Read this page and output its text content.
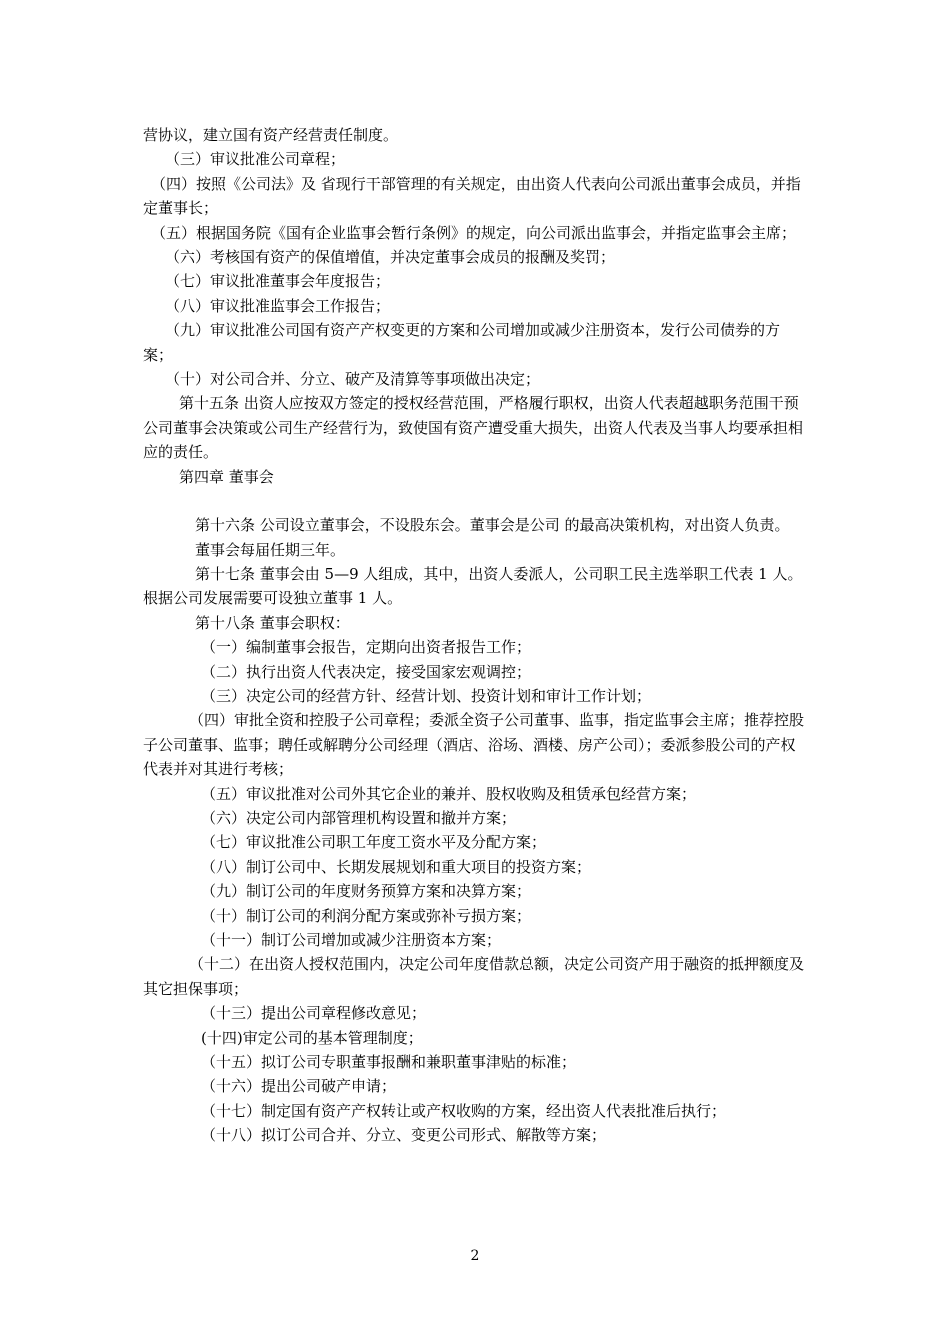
营协议，建立国有资产经营责任制度。

（三）审议批准公司章程；

（四）按照《公司法》及 省现行干部管理的有关规定，由出资人代表向公司派出董事会成员，并指定董事长；

（五）根据国务院《国有企业监事会暂行条例》的规定，向公司派出监事会，并指定监事会主席；

（六）考核国有资产的保值增值，并决定董事会成员的报酬及奖罚；

（七）审议批准董事会年度报告；

（八）审议批准监事会工作报告；

（九）审议批准公司国有资产产权变更的方案和公司增加或减少注册资本，发行公司债券的方案；

（十）对公司合并、分立、破产及清算等事项做出决定；

第十五条 出资人应按双方签定的授权经营范围，严格履行职权，出资人代表超越职务范围干预公司董事会决策或公司生产经营行为，致使国有资产遭受重大损失，出资人代表及当事人均要承担相应的责任。

第四章 董事会

第十六条 公司设立董事会，不设股东会。董事会是公司 的最高决策机构，对出资人负责。

董事会每届任期三年。

第十七条 董事会由 5—9 人组成，其中，出资人委派人，公司职工民主选举职工代表 1 人。根据公司发展需要可设独立董事 1 人。

第十八条 董事会职权：

（一）编制董事会报告，定期向出资者报告工作；

（二）执行出资人代表决定，接受国家宏观调控；

（三）决定公司的经营方针、经营计划、投资计划和审计工作计划；

（四）审批全资和控股子公司章程；委派全资子公司董事、监事，指定监事会主席；推荐控股子公司董事、监事；聘任或解聘分公司经理（酒店、浴场、酒楼、房产公司）；委派参股公司的产权代表并对其进行考核；

（五）审议批准对公司外其它企业的兼并、股权收购及租赁承包经营方案；

（六）决定公司内部管理机构设置和撤并方案；

（七）审议批准公司职工年度工资水平及分配方案；

（八）制订公司中、长期发展规划和重大项目的投资方案；

（九）制订公司的年度财务预算方案和决算方案；

（十）制订公司的利润分配方案或弥补亏损方案；

（十一）制订公司增加或减少注册资本方案；

（十二）在出资人授权范围内，决定公司年度借款总额，决定公司资产用于融资的抵押额度及其它担保事项；

（十三）提出公司章程修改意见；

(十四)审定公司的基本管理制度；

（十五）拟订公司专职董事报酬和兼职董事津贴的标准；

（十六）提出公司破产申请；

（十七）制定国有资产产权转让或产权收购的方案，经出资人代表批准后执行；

（十八）拟订公司合并、分立、变更公司形式、解散等方案；

2
